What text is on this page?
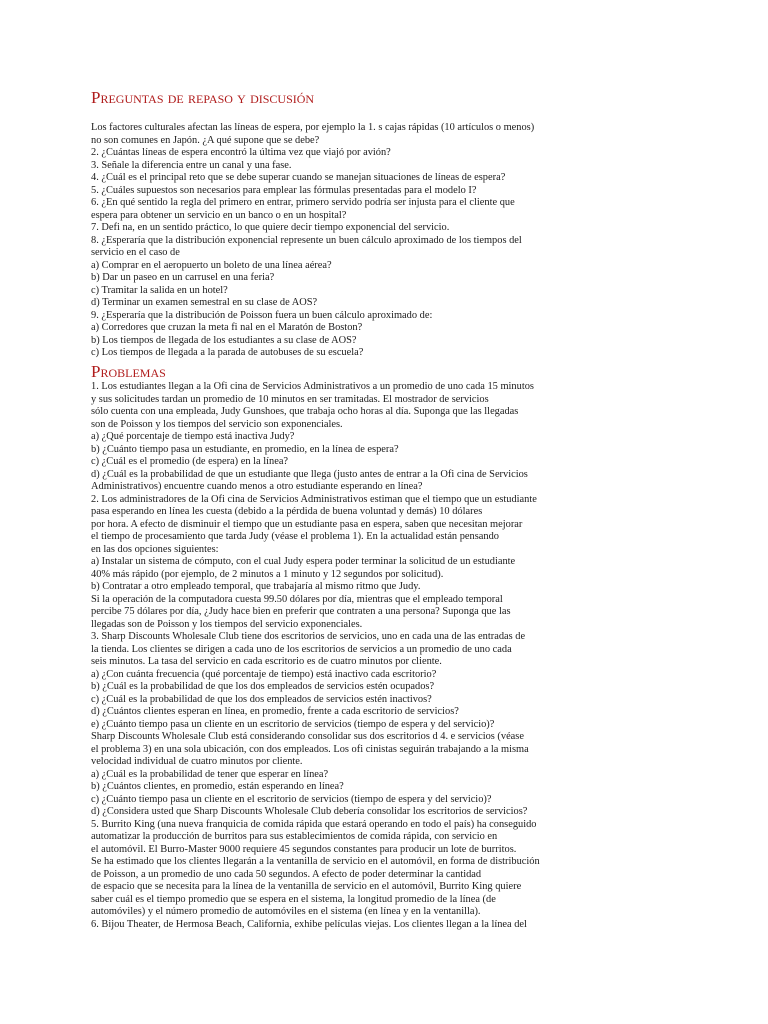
Preguntas de repaso y discusión
Los factores culturales afectan las líneas de espera, por ejemplo la 1. s cajas rápidas (10 artículos o menos)
no son comunes en Japón. ¿A qué supone que se debe?
2. ¿Cuántas líneas de espera encontró la última vez que viajó por avión?
3. Señale la diferencia entre un canal y una fase.
4. ¿Cuál es el principal reto que se debe superar cuando se manejan situaciones de líneas de espera?
5. ¿Cuáles supuestos son necesarios para emplear las fórmulas presentadas para el modelo I?
6. ¿En qué sentido la regla del primero en entrar, primero servido podría ser injusta para el cliente que
espera para obtener un servicio en un banco o en un hospital?
7. Defi na, en un sentido práctico, lo que quiere decir tiempo exponencial del servicio.
8. ¿Esperaría que la distribución exponencial represente un buen cálculo aproximado de los tiempos del
servicio en el caso de
a) Comprar en el aeropuerto un boleto de una línea aérea?
b) Dar un paseo en un carrusel en una feria?
c) Tramitar la salida en un hotel?
d) Terminar un examen semestral en su clase de AOS?
9. ¿Esperaría que la distribución de Poisson fuera un buen cálculo aproximado de:
a) Corredores que cruzan la meta fi nal en el Maratón de Boston?
b) Los tiempos de llegada de los estudiantes a su clase de AOS?
c) Los tiempos de llegada a la parada de autobuses de su escuela?
Problemas
1. Los estudiantes llegan a la Ofi cina de Servicios Administrativos a un promedio de uno cada 15 minutos
y sus solicitudes tardan un promedio de 10 minutos en ser tramitadas. El mostrador de servicios
sólo cuenta con una empleada, Judy Gunshoes, que trabaja ocho horas al día. Suponga que las llegadas
son de Poisson y los tiempos del servicio son exponenciales.
a) ¿Qué porcentaje de tiempo está inactiva Judy?
b) ¿Cuánto tiempo pasa un estudiante, en promedio, en la línea de espera?
c) ¿Cuál es el promedio (de espera) en la línea?
d) ¿Cuál es la probabilidad de que un estudiante que llega (justo antes de entrar a la Ofi cina de Servicios
Administrativos) encuentre cuando menos a otro estudiante esperando en línea?
2. Los administradores de la Ofi cina de Servicios Administrativos estiman que el tiempo que un estudiante
pasa esperando en línea les cuesta (debido a la pérdida de buena voluntad y demás) 10 dólares
por hora. A efecto de disminuir el tiempo que un estudiante pasa en espera, saben que necesitan mejorar
el tiempo de procesamiento que tarda Judy (véase el problema 1). En la actualidad están pensando
en las dos opciones siguientes:
a) Instalar un sistema de cómputo, con el cual Judy espera poder terminar la solicitud de un estudiante
40% más rápido (por ejemplo, de 2 minutos a 1 minuto y 12 segundos por solicitud).
b) Contratar a otro empleado temporal, que trabajaría al mismo ritmo que Judy.
Si la operación de la computadora cuesta 99.50 dólares por día, mientras que el empleado temporal
percibe 75 dólares por día, ¿Judy hace bien en preferir que contraten a una persona? Suponga que las
llegadas son de Poisson y los tiempos del servicio exponenciales.
3. Sharp Discounts Wholesale Club tiene dos escritorios de servicios, uno en cada una de las entradas de
la tienda. Los clientes se dirigen a cada uno de los escritorios de servicios a un promedio de uno cada
seis minutos. La tasa del servicio en cada escritorio es de cuatro minutos por cliente.
a) ¿Con cuánta frecuencia (qué porcentaje de tiempo) está inactivo cada escritorio?
b) ¿Cuál es la probabilidad de que los dos empleados de servicios estén ocupados?
c) ¿Cuál es la probabilidad de que los dos empleados de servicios estén inactivos?
d) ¿Cuántos clientes esperan en línea, en promedio, frente a cada escritorio de servicios?
e) ¿Cuánto tiempo pasa un cliente en un escritorio de servicios (tiempo de espera y del servicio)?
Sharp Discounts Wholesale Club está considerando consolidar sus dos escritorios d 4. e servicios (véase
el problema 3) en una sola ubicación, con dos empleados. Los ofi cinistas seguirán trabajando a la misma
velocidad individual de cuatro minutos por cliente.
a) ¿Cuál es la probabilidad de tener que esperar en línea?
b) ¿Cuántos clientes, en promedio, están esperando en línea?
c) ¿Cuánto tiempo pasa un cliente en el escritorio de servicios (tiempo de espera y del servicio)?
d) ¿Considera usted que Sharp Discounts Wholesale Club debería consolidar los escritorios de servicios?
5. Burrito King (una nueva franquicia de comida rápida que estará operando en todo el país) ha conseguido
automatizar la producción de burritos para sus establecimientos de comida rápida, con servicio en
el automóvil. El Burro-Master 9000 requiere 45 segundos constantes para producir un lote de burritos.
Se ha estimado que los clientes llegarán a la ventanilla de servicio en el automóvil, en forma de distribución
de Poisson, a un promedio de uno cada 50 segundos. A efecto de poder determinar la cantidad
de espacio que se necesita para la línea de la ventanilla de servicio en el automóvil, Burrito King quiere
saber cuál es el tiempo promedio que se espera en el sistema, la longitud promedio de la línea (de
automóviles) y el número promedio de automóviles en el sistema (en línea y en la ventanilla).
6. Bijou Theater, de Hermosa Beach, California, exhibe películas viejas. Los clientes llegan a la línea del
